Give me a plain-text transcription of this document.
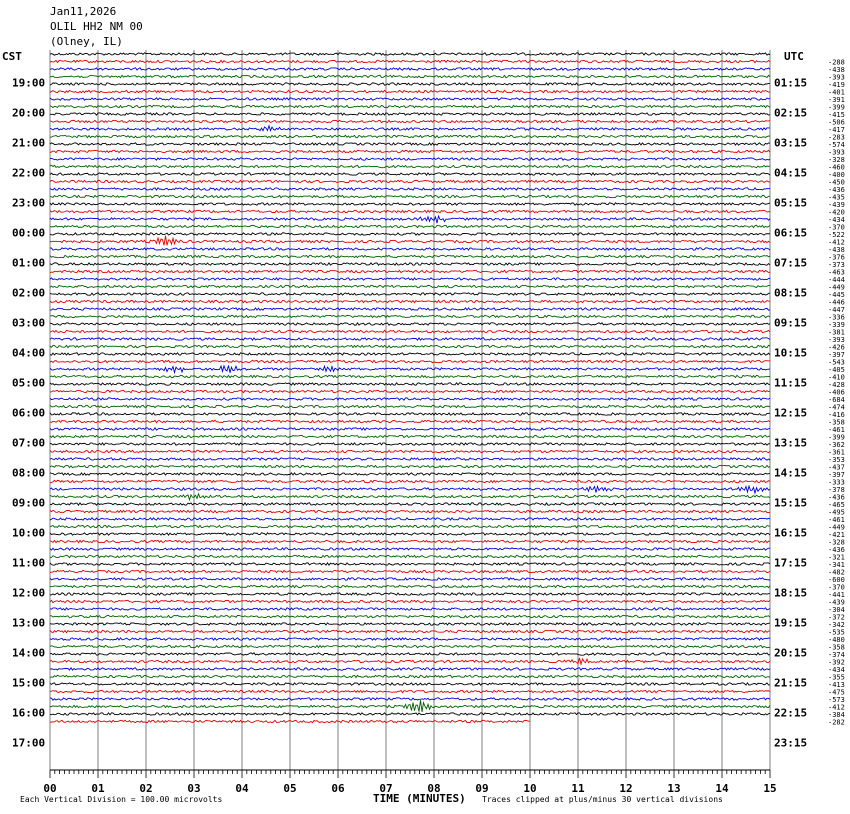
-288
-438
-393
-419
-401
-391
-399
-415
-506
-417
-283
-574
-393
-328
-460
-400
-450
-436
-435
-439
-420
-434
-370
-522
-412
-438
-376
-373
-463
-444
-449
-445
-446
-447
-336
-339
-381
-393
-426
-397
-543
-405
-410
-428
-406
-684
-474
-416
-358
-461
-399
-362
-361
-353
-437
-397
-333
-378
-436
-465
-495
-461
-449
-421
-328
-436
-321
-341
-482
-600
-370
-441
-439
-304
-372
-342
-535
-480
-358
-374
-392
-434
-355
-413
-475
-573
-412
-384
-282
19:00
20:00
21:00
22:00
23:00
00:00
01:00
02:00
03:00
04:00
05:00
06:00
07:00
08:00
09:00
10:00
11:00
12:00
13:00
14:00
15:00
16:00
17:00
01:15
02:15
03:15
04:15
05:15
06:15
07:15
08:15
09:15
10:15
11:15
12:15
13:15
14:15
15:15
16:15
17:15
18:15
19:15
20:15
21:15
22:15
23:15
00	01	02	03	04	05	06	07	08	09	10	11	12	13	14	15
Jan11,2026
OLIL HH2 NM 00
(Olney, IL)
CST	UTC
Each Vertical Division = 100.00 microvolts	TIME (MINUTES) Traces clipped at plus/minus 30 vertical divisions
